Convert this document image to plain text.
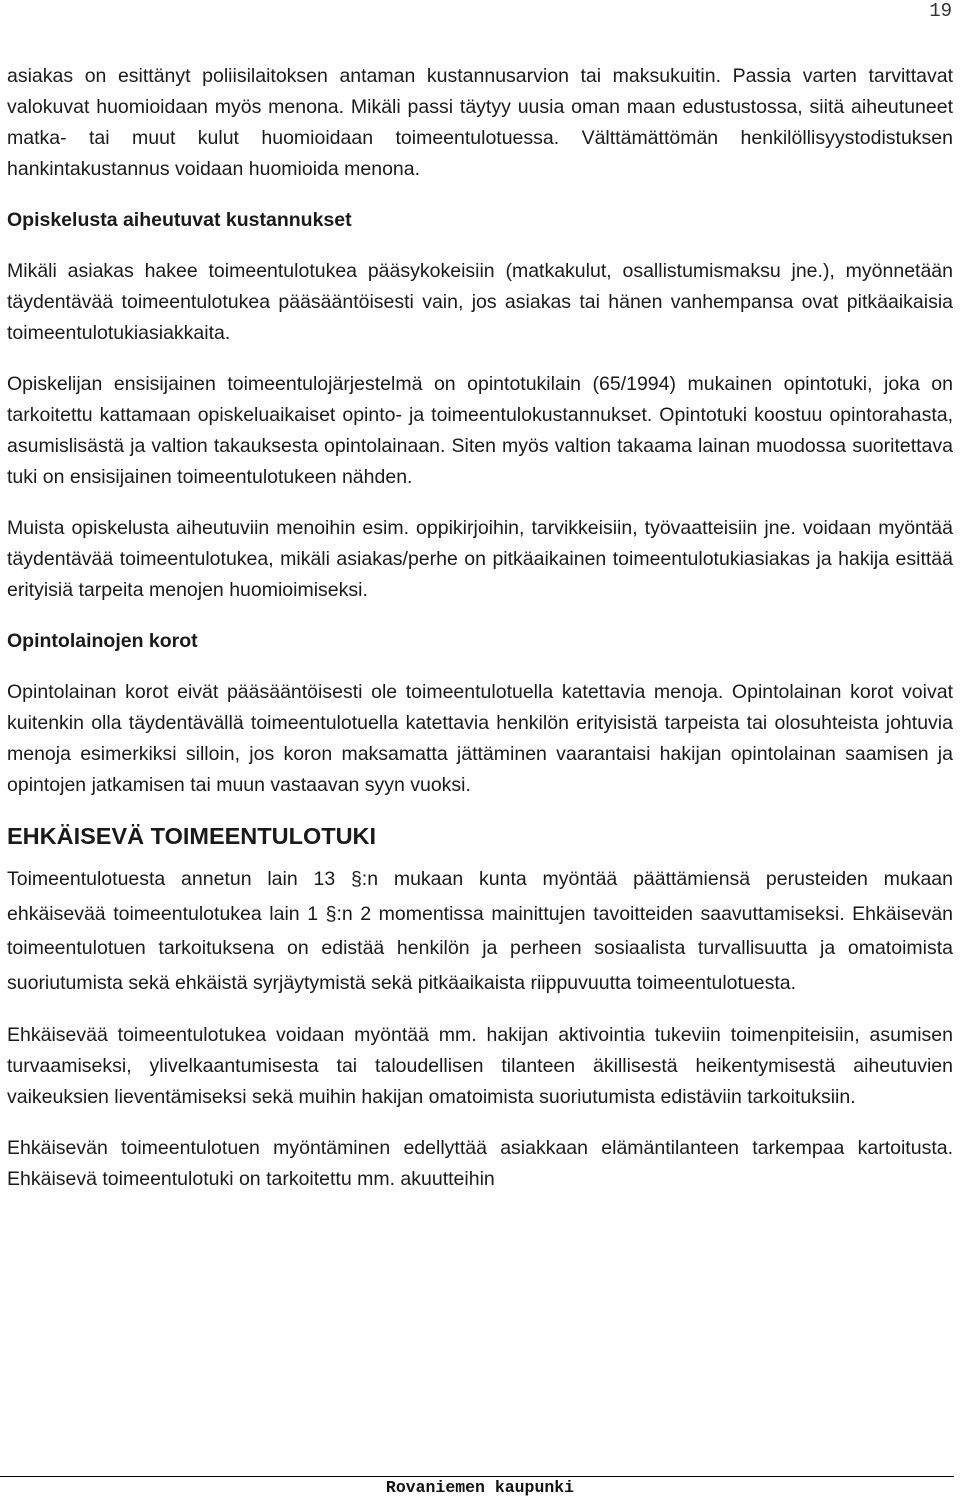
19

asiakas on esittänyt poliisilaitoksen antaman kustannusarvion tai maksukuitin. Passia varten tarvittavat valokuvat huomioidaan myös menona. Mikäli passi täytyy uusia oman maan edustustossa, siitä aiheutuneet matka- tai muut kulut huomioidaan toimeentulotuessa. Välttämättömän henkilöllisyystodistuksen hankintakustannus voidaan huomioida menona.

Opiskelusta aiheutuvat kustannukset

Mikäli asiakas hakee toimeentulotukea pääsykokeisiin (matkakulut, osallistumismaksu jne.), myönnetään täydentävää toimeentulotukea pääsääntöisesti vain, jos asiakas tai hänen vanhempansa ovat pitkäaikaisia toimeentulotukiasiakkaita.

Opiskelijan ensisijainen toimeentulojärjestelmä on opintotukilain (65/1994) mukainen opintotuki, joka on tarkoitettu kattamaan opiskeluaikaiset opinto- ja toimeentulokustannukset. Opintotuki koostuu opintorahasta, asumislisästä ja valtion takauksesta opintolainaan. Siten myös valtion takaama lainan muodossa suoritettava tuki on ensisijainen toimeentulotukeen nähden.

Muista opiskelusta aiheutuviin menoihin esim. oppikirjoihin, tarvikkeisiin, työvaatteisiin jne. voidaan myöntää täydentävää toimeentulotukea, mikäli asiakas/perhe on pitkäaikainen toimeentulotukiasiakas ja hakija esittää erityisiä tarpeita menojen huomioimiseksi.

Opintolainojen korot

Opintolainan korot eivät pääsääntöisesti ole toimeentulotuella katettavia menoja. Opintolainan korot voivat kuitenkin olla täydentävällä toimeentulotuella katettavia henkilön erityisistä tarpeista tai olosuhteista johtuvia menoja esimerkiksi silloin, jos koron maksamatta jättäminen vaarantaisi hakijan opintolainan saamisen ja opintojen jatkamisen tai muun vastaavan syyn vuoksi.

EHKÄISEVÄ TOIMEENTULOTUKI

Toimeentulotuesta annetun lain 13 §:n mukaan kunta myöntää päättämiensä perusteiden mukaan ehkäisevää toimeentulotukea lain 1 §:n 2 momentissa mainittujen tavoitteiden saavuttamiseksi. Ehkäisevän toimeentulotuen tarkoituksena on edistää henkilön ja perheen sosiaalista turvallisuutta ja omatoimista suoriutumista sekä ehkäistä syrjäytymistä sekä pitkäaikaista riippuvuutta toimeentulotuesta.

Ehkäisevää toimeentulotukea voidaan myöntää mm. hakijan aktivointia tukeviin toimenpiteisiin, asumisen turvaamiseksi, ylivelkaantumisesta tai taloudellisen tilanteen äkillisestä heikentymisestä aiheutuvien vaikeuksien lieventämiseksi sekä muihin hakijan omatoimista suoriutumista edistäviin tarkoituksiin.

Ehkäisevän toimeentulotuen myöntäminen edellyttää asiakkaan elämäntilanteen tarkempaa kartoitusta. Ehkäisevä toimeentulotuki on tarkoitettu mm. akuutteihin

Rovaniemen kaupunki
